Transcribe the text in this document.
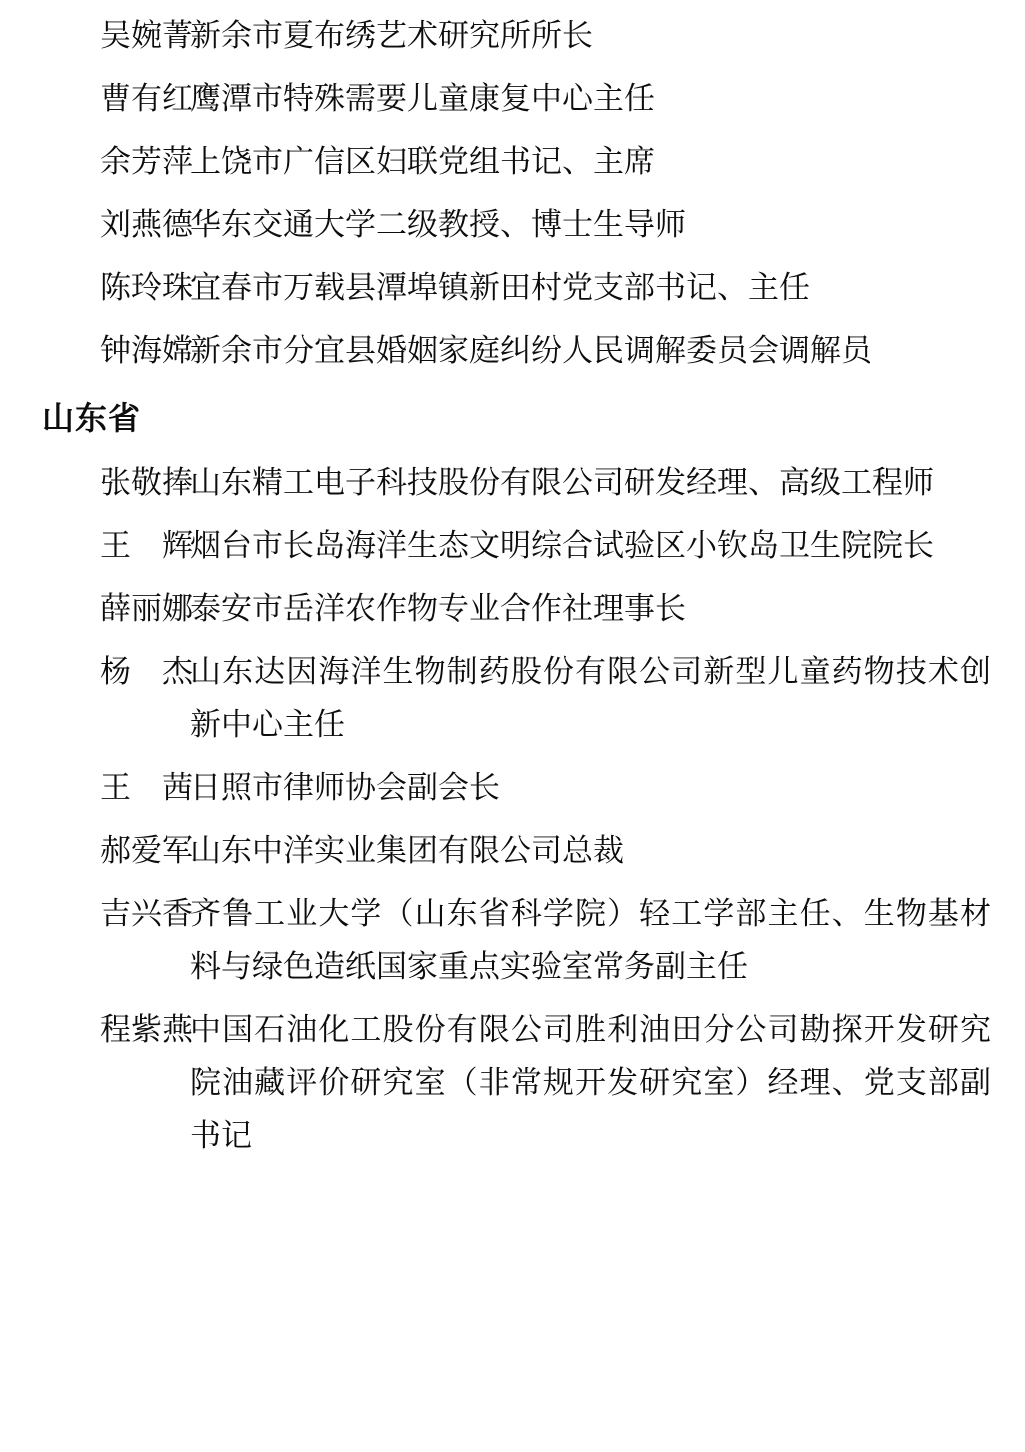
吴婉菁
新余市夏布绣艺术研究所所长
曹有红
鹰潭市特殊需要儿童康复中心主任
余芳萍
上饶市广信区妇联党组书记、主席
刘燕德
华东交通大学二级教授、博士生导师
陈玲珠
宜春市万载县潭埠镇新田村党支部书记、主任
钟海嫦
新余市分宜县婚姻家庭纠纷人民调解委员会调解员
山东省
张敬捧
山东精工电子科技股份有限公司研发经理、高级工程师
王　辉
烟台市长岛海洋生态文明综合试验区小钦岛卫生院院长
薛丽娜
泰安市岳洋农作物专业合作社理事长
杨　杰
山东达因海洋生物制药股份有限公司新型儿童药物技术创新中心主任
王　茜
日照市律师协会副会长
郝爱军
山东中洋实业集团有限公司总裁
吉兴香
齐鲁工业大学（山东省科学院）轻工学部主任、生物基材料与绿色造纸国家重点实验室常务副主任
程紫燕
中国石油化工股份有限公司胜利油田分公司勘探开发研究院油藏评价研究室（非常规开发研究室）经理、党支部副书记
